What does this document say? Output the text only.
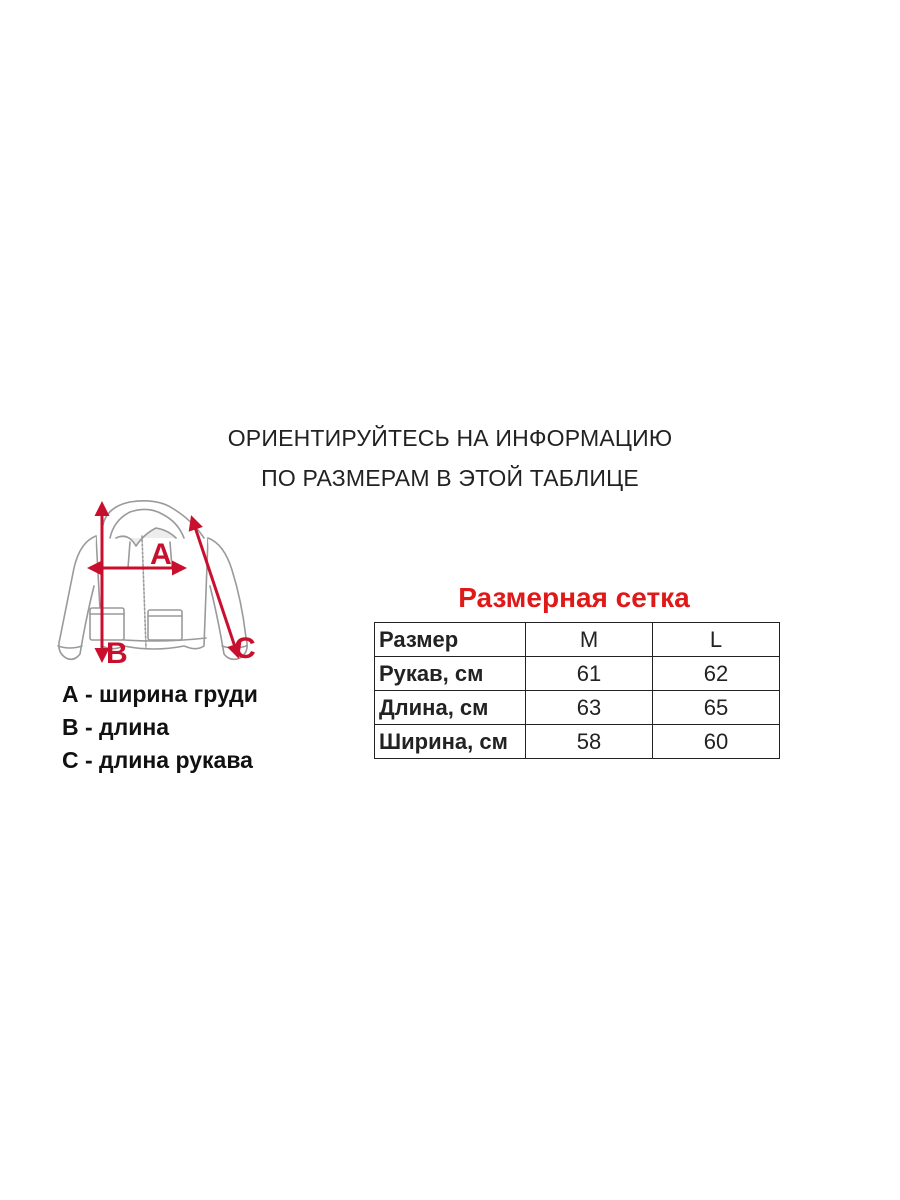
ОРИЕНТИРУЙТЕСЬ НА ИНФОРМАЦИЮ
ПО РАЗМЕРАМ В ЭТОЙ ТАБЛИЦЕ
A
B	C
А - ширина груди
В - длина
С - длина рукава
Размерная сетка
Размер	M	L
Рукав, см	61	62
Длина, см	63	65
Ширина, см	58	60
